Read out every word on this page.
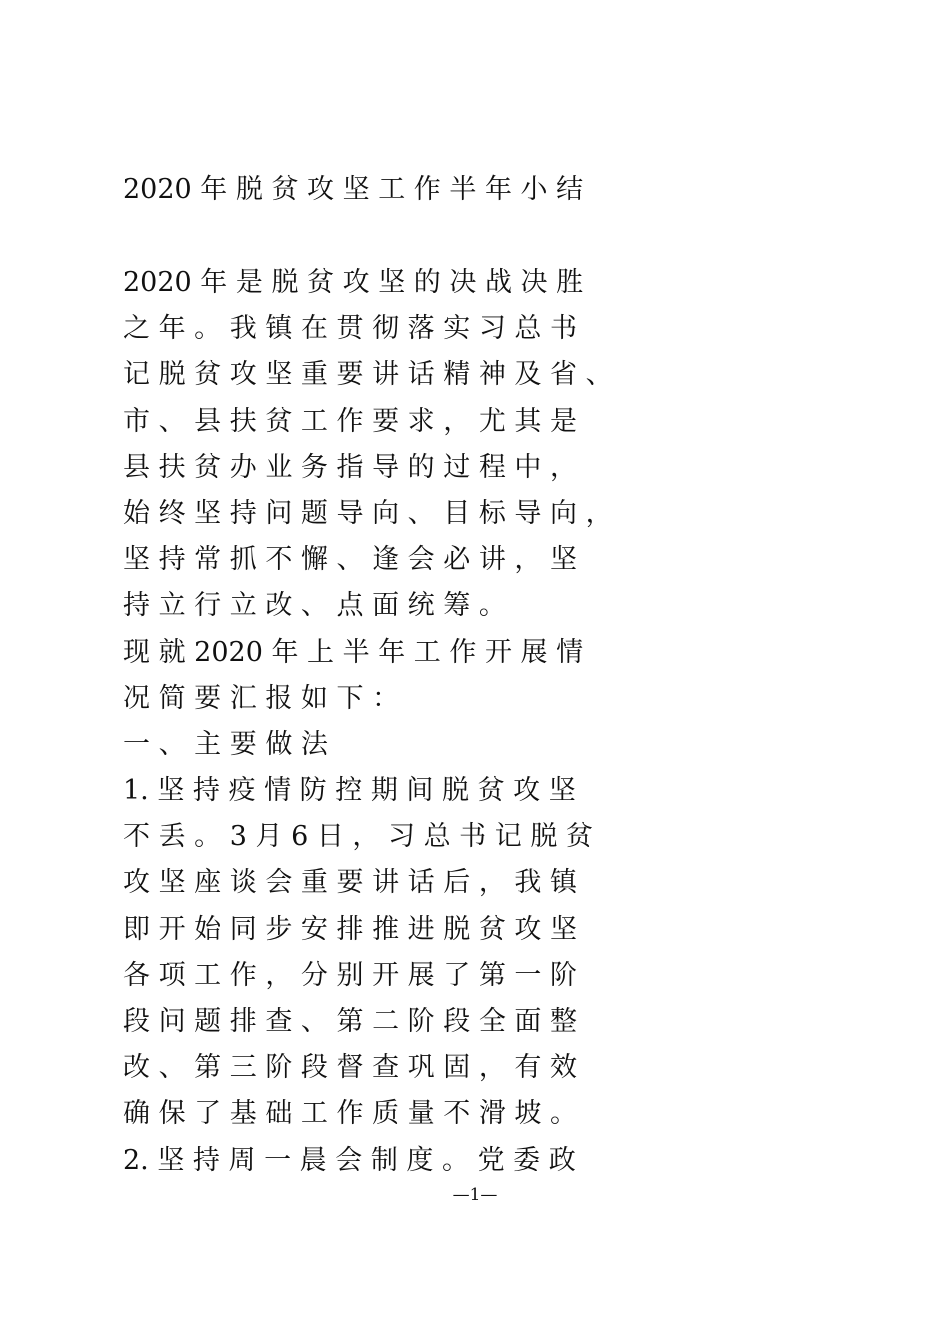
2020 年 脱 贫 攻 坚 工 作 半 年 小 结
2020 年 是 脱 贫 攻 坚 的 决 战 决 胜
之 年 。 我 镇 在 贯 彻 落 实 习 总 书
记 脱 贫 攻 坚 重 要 讲 话 精 神 及 省 、
市 、 县 扶 贫 工 作 要 求 ， 尤 其 是
县 扶 贫 办 业 务 指 导 的 过 程 中 ，
始 终 坚 持 问 题 导 向 、 目 标 导 向 ，
坚 持 常 抓 不 懈 、 逢 会 必 讲 ， 坚
持 立 行 立 改 、 点 面 统 筹 。
现 就 2020 年 上 半 年 工 作 开 展 情
况 简 要 汇 报 如 下 ：
一 、 主 要 做 法
1. 坚 持 疫 情 防 控 期 间 脱 贫 攻 坚
不 丢 。 3 月 6 日 ， 习 总 书 记 脱 贫
攻 坚 座 谈 会 重 要 讲 话 后 ， 我 镇
即 开 始 同 步 安 排 推 进 脱 贫 攻 坚
各 项 工 作 ， 分 别 开 展 了 第 一 阶
段 问 题 排 查 、 第 二 阶 段 全 面 整
改 、 第 三 阶 段 督 查 巩 固 ， 有 效
确 保 了 基 础 工 作 质 量 不 滑 坡 。
2. 坚 持 周 一 晨 会 制 度 。 党 委 政
—1—
